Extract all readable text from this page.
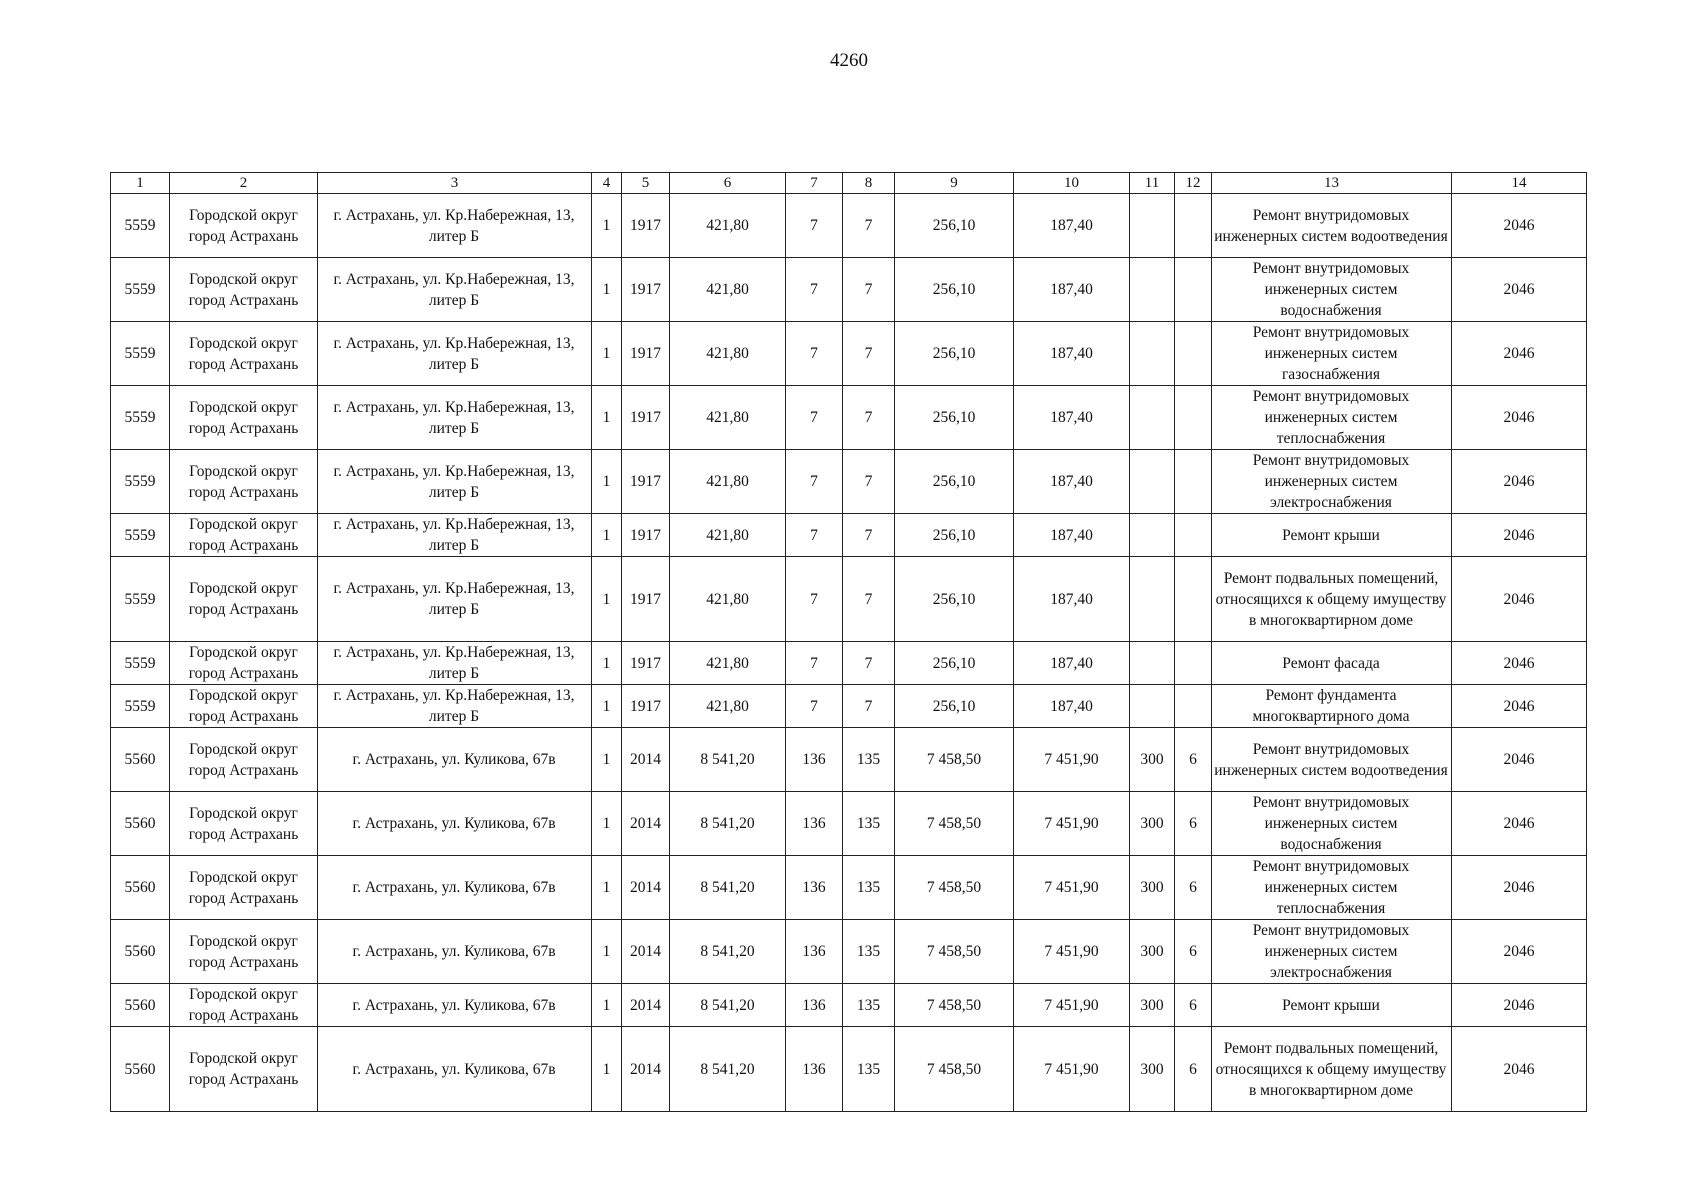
4260
1	2	3	4	5	6	7	8	9	10	11	12	13	14
5559	Городской округ город Астрахань	г. Астрахань, ул. Кр.Набережная, 13, литер Б	1	1917	421,80	7	7	256,10	187,40			Ремонт внутридомовых инженерных систем водоотведения	2046
5559	Городской округ город Астрахань	г. Астрахань, ул. Кр.Набережная, 13, литер Б	1	1917	421,80	7	7	256,10	187,40			Ремонт внутридомовых инженерных систем водоснабжения	2046
5559	Городской округ город Астрахань	г. Астрахань, ул. Кр.Набережная, 13, литер Б	1	1917	421,80	7	7	256,10	187,40			Ремонт внутридомовых инженерных систем газоснабжения	2046
5559	Городской округ город Астрахань	г. Астрахань, ул. Кр.Набережная, 13, литер Б	1	1917	421,80	7	7	256,10	187,40			Ремонт внутридомовых инженерных систем теплоснабжения	2046
5559	Городской округ город Астрахань	г. Астрахань, ул. Кр.Набережная, 13, литер Б	1	1917	421,80	7	7	256,10	187,40			Ремонт внутридомовых инженерных систем электроснабжения	2046
5559	Городской округ город Астрахань	г. Астрахань, ул. Кр.Набережная, 13, литер Б	1	1917	421,80	7	7	256,10	187,40			Ремонт крыши	2046
5559	Городской округ город Астрахань	г. Астрахань, ул. Кр.Набережная, 13, литер Б	1	1917	421,80	7	7	256,10	187,40			Ремонт подвальных помещений, относящихся к общему имуществу в многоквартирном доме	2046
5559	Городской округ город Астрахань	г. Астрахань, ул. Кр.Набережная, 13, литер Б	1	1917	421,80	7	7	256,10	187,40			Ремонт фасада	2046
5559	Городской округ город Астрахань	г. Астрахань, ул. Кр.Набережная, 13, литер Б	1	1917	421,80	7	7	256,10	187,40			Ремонт фундамента многоквартирного дома	2046
5560	Городской округ город Астрахань	г. Астрахань, ул. Куликова, 67в	1	2014	8 541,20	136	135	7 458,50	7 451,90	300	6	Ремонт внутридомовых инженерных систем водоотведения	2046
5560	Городской округ город Астрахань	г. Астрахань, ул. Куликова, 67в	1	2014	8 541,20	136	135	7 458,50	7 451,90	300	6	Ремонт внутридомовых инженерных систем водоснабжения	2046
5560	Городской округ город Астрахань	г. Астрахань, ул. Куликова, 67в	1	2014	8 541,20	136	135	7 458,50	7 451,90	300	6	Ремонт внутридомовых инженерных систем теплоснабжения	2046
5560	Городской округ город Астрахань	г. Астрахань, ул. Куликова, 67в	1	2014	8 541,20	136	135	7 458,50	7 451,90	300	6	Ремонт внутридомовых инженерных систем электроснабжения	2046
5560	Городской округ город Астрахань	г. Астрахань, ул. Куликова, 67в	1	2014	8 541,20	136	135	7 458,50	7 451,90	300	6	Ремонт крыши	2046
5560	Городской округ город Астрахань	г. Астрахань, ул. Куликова, 67в	1	2014	8 541,20	136	135	7 458,50	7 451,90	300	6	Ремонт подвальных помещений, относящихся к общему имуществу в многоквартирном доме	2046
